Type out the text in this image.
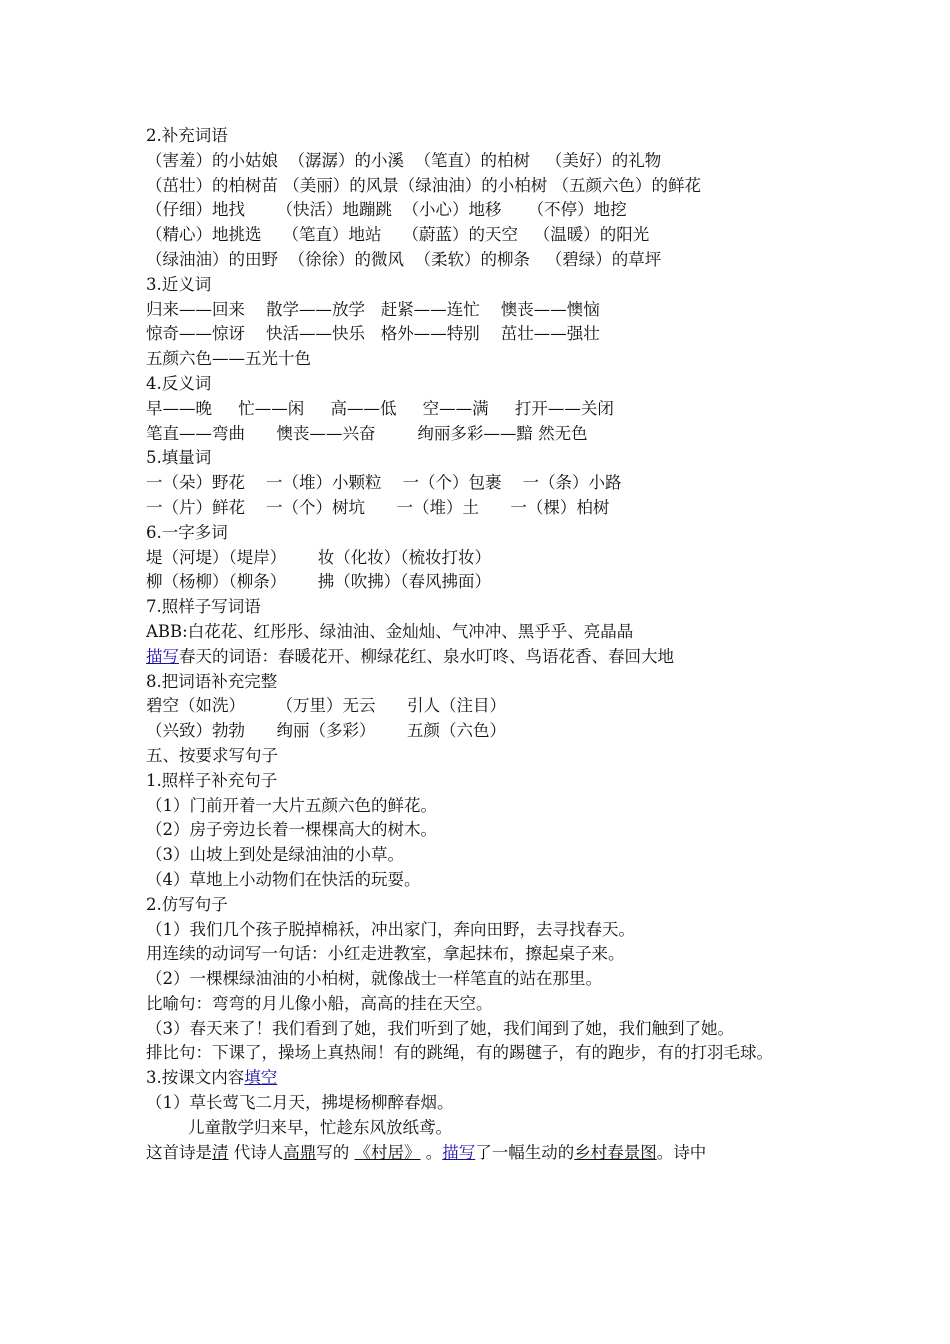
2.补充词语
（害羞）的小姑娘  （潺潺）的小溪  （笔直）的柏树   （美好）的礼物
（茁壮）的柏树苗 （美丽）的风景（绿油油）的小柏树 （五颜六色）的鲜花
（仔细）地找      （快活）地蹦跳  （小心）地移     （不停）地挖
（精心）地挑选    （笔直）地站    （蔚蓝）的天空   （温暖）的阳光
（绿油油）的田野  （徐徐）的微风  （柔软）的柳条   （碧绿）的草坪
3.近义词
归来——回来    散学——放学   赶紧——连忙    懊丧——懊恼
惊奇——惊讶    快活——快乐   格外——特别    茁壮——强壮
五颜六色——五光十色
4.反义词
早——晚     忙——闲     高——低     空——满     打开——关闭
笔直——弯曲      懊丧——兴奋        绚丽多彩——黯 然无色
5.填量词
一（朵）野花    一（堆）小颗粒    一（个）包裹    一（条）小路
一（片）鲜花    一（个）树坑      一（堆）土      一（棵）柏树
6.一字多词
堤（河堤）（堤岸）      妆（化妆）（梳妆打妆）
柳（杨柳）（柳条）      拂（吹拂）（春风拂面）
7.照样子写词语
ABB:白花花、红彤彤、绿油油、金灿灿、气冲冲、黑乎乎、亮晶晶
描写春天的词语：春暖花开、柳绿花红、泉水叮咚、鸟语花香、春回大地
8.把词语补充完整
碧空（如洗）      （万里）无云      引人（注目）
（兴致）勃勃      绚丽（多彩）      五颜（六色）
五、按要求写句子
1.照样子补充句子
（1）门前开着一大片五颜六色的鲜花。
（2）房子旁边长着一棵棵高大的树木。
（3）山坡上到处是绿油油的小草。
（4）草地上小动物们在快活的玩耍。
2.仿写句子
（1）我们几个孩子脱掉棉袄，冲出家门，奔向田野，去寻找春天。
用连续的动词写一句话：小红走进教室，拿起抹布，擦起桌子来。
（2）一棵棵绿油油的小柏树，就像战士一样笔直的站在那里。
比喻句：弯弯的月儿像小船，高高的挂在天空。
（3）春天来了！我们看到了她，我们听到了她，我们闻到了她，我们触到了她。
排比句：下课了，操场上真热闹！有的跳绳，有的踢毽子，有的跑步，有的打羽毛球。
3.按课文内容填空
（1）草长莺飞二月天，拂堤杨柳醉春烟。
儿童散学归来早，忙趁东风放纸鸢。
这首诗是清 代诗人高鼎写的 《村居》 。描写了一幅生动的乡村春景图。诗中
